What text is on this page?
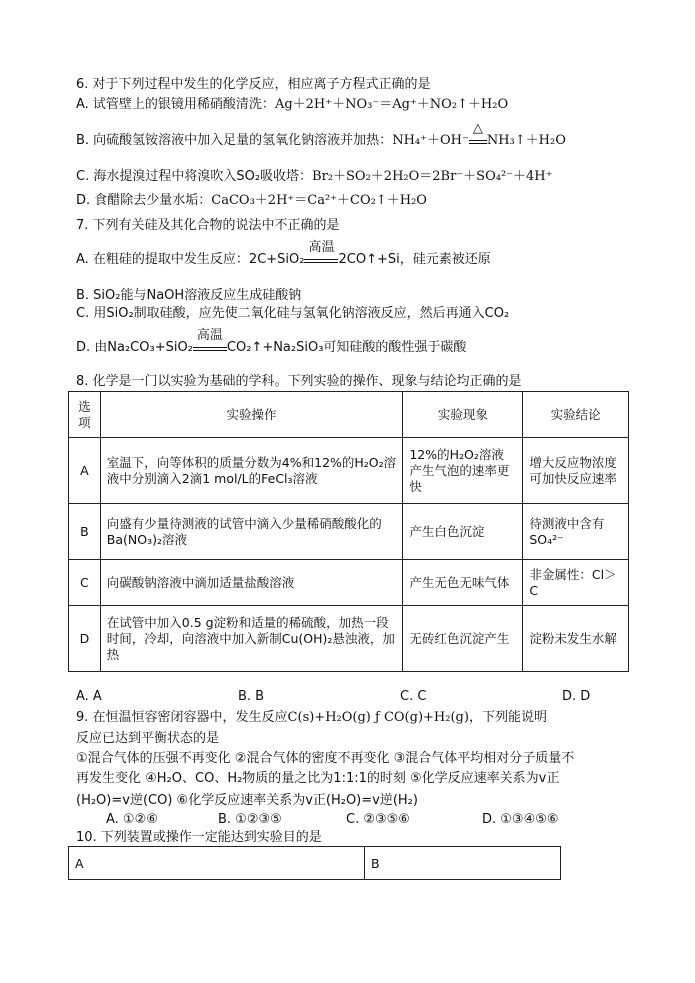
6. 对于下列过程中发生的化学反应，相应离子方程式正确的是
A. 试管壁上的银镜用稀硝酸清洗：Ag＋2H⁺＋NO₃⁻＝Ag⁺＋NO₂↑＋H₂O
B. 向硫酸氢铵溶液中加入足量的氢氧化钠溶液并加热：NH₄⁺＋OH⁻
△
NH₃↑＋H₂O
C. 海水提溴过程中将溴吹入SO₂吸收塔：Br₂＋SO₂＋2H₂O＝2Br⁻＋SO₄²⁻＋4H⁺
D. 食醋除去少量水垢：CaCO₃＋2H⁺＝Ca²⁺＋CO₂↑＋H₂O
7. 下列有关硅及其化合物的说法中不正确的是
A. 在粗硅的提取中发生反应：2C+SiO₂
高温
2CO↑+Si，硅元素被还原
B. SiO₂能与NaOH溶液反应生成硅酸钠
C. 用SiO₂制取硅酸，应先使二氧化硅与氢氧化钠溶液反应，然后再通入CO₂
D. 由Na₂CO₃+SiO₂
高温
CO₂↑+Na₂SiO₃可知硅酸的酸性强于碳酸
8. 化学是一门以实验为基础的学科。下列实验的操作、现象与结论均正确的是
选项	实验操作	实验现象	实验结论
A	室温下，向等体积的质量分数为4%和12%的H₂O₂溶液中分别滴入2滴1 mol/L的FeCl₃溶液	12%的H₂O₂溶液产生气泡的速率更快	增大反应物浓度可加快反应速率
B	向盛有少量待测液的试管中滴入少量稀硝酸酸化的Ba(NO₃)₂溶液	产生白色沉淀	待测液中含有SO₄²⁻
C	向碳酸钠溶液中滴加适量盐酸溶液	产生无色无味气体	非金属性：Cl＞C
D	在试管中加入0.5 g淀粉和适量的稀硫酸，加热一段时间，冷却，向溶液中加入新制Cu(OH)₂悬浊液，加热	无砖红色沉淀产生	淀粉未发生水解
A. A	B. B	C. C	D. D
9. 在恒温恒容密闭容器中，发生反应C(s)+H₂O(g) ƒ CO(g)+H₂(g)，下列能说明
反应已达到平衡状态的是
①混合气体的压强不再变化 ②混合气体的密度不再变化 ③混合气体平均相对分子质量不
再发生变化 ④H₂O、CO、H₂物质的量之比为1:1:1的时刻 ⑤化学反应速率关系为v正
(H₂O)=v逆(CO) ⑥化学反应速率关系为v正(H₂O)=v逆(H₂)
A. ①②⑥	B. ①②③⑤	C. ②③⑤⑥	D. ①③④⑤⑥
10. 下列装置或操作一定能达到实验目的是
A	B
